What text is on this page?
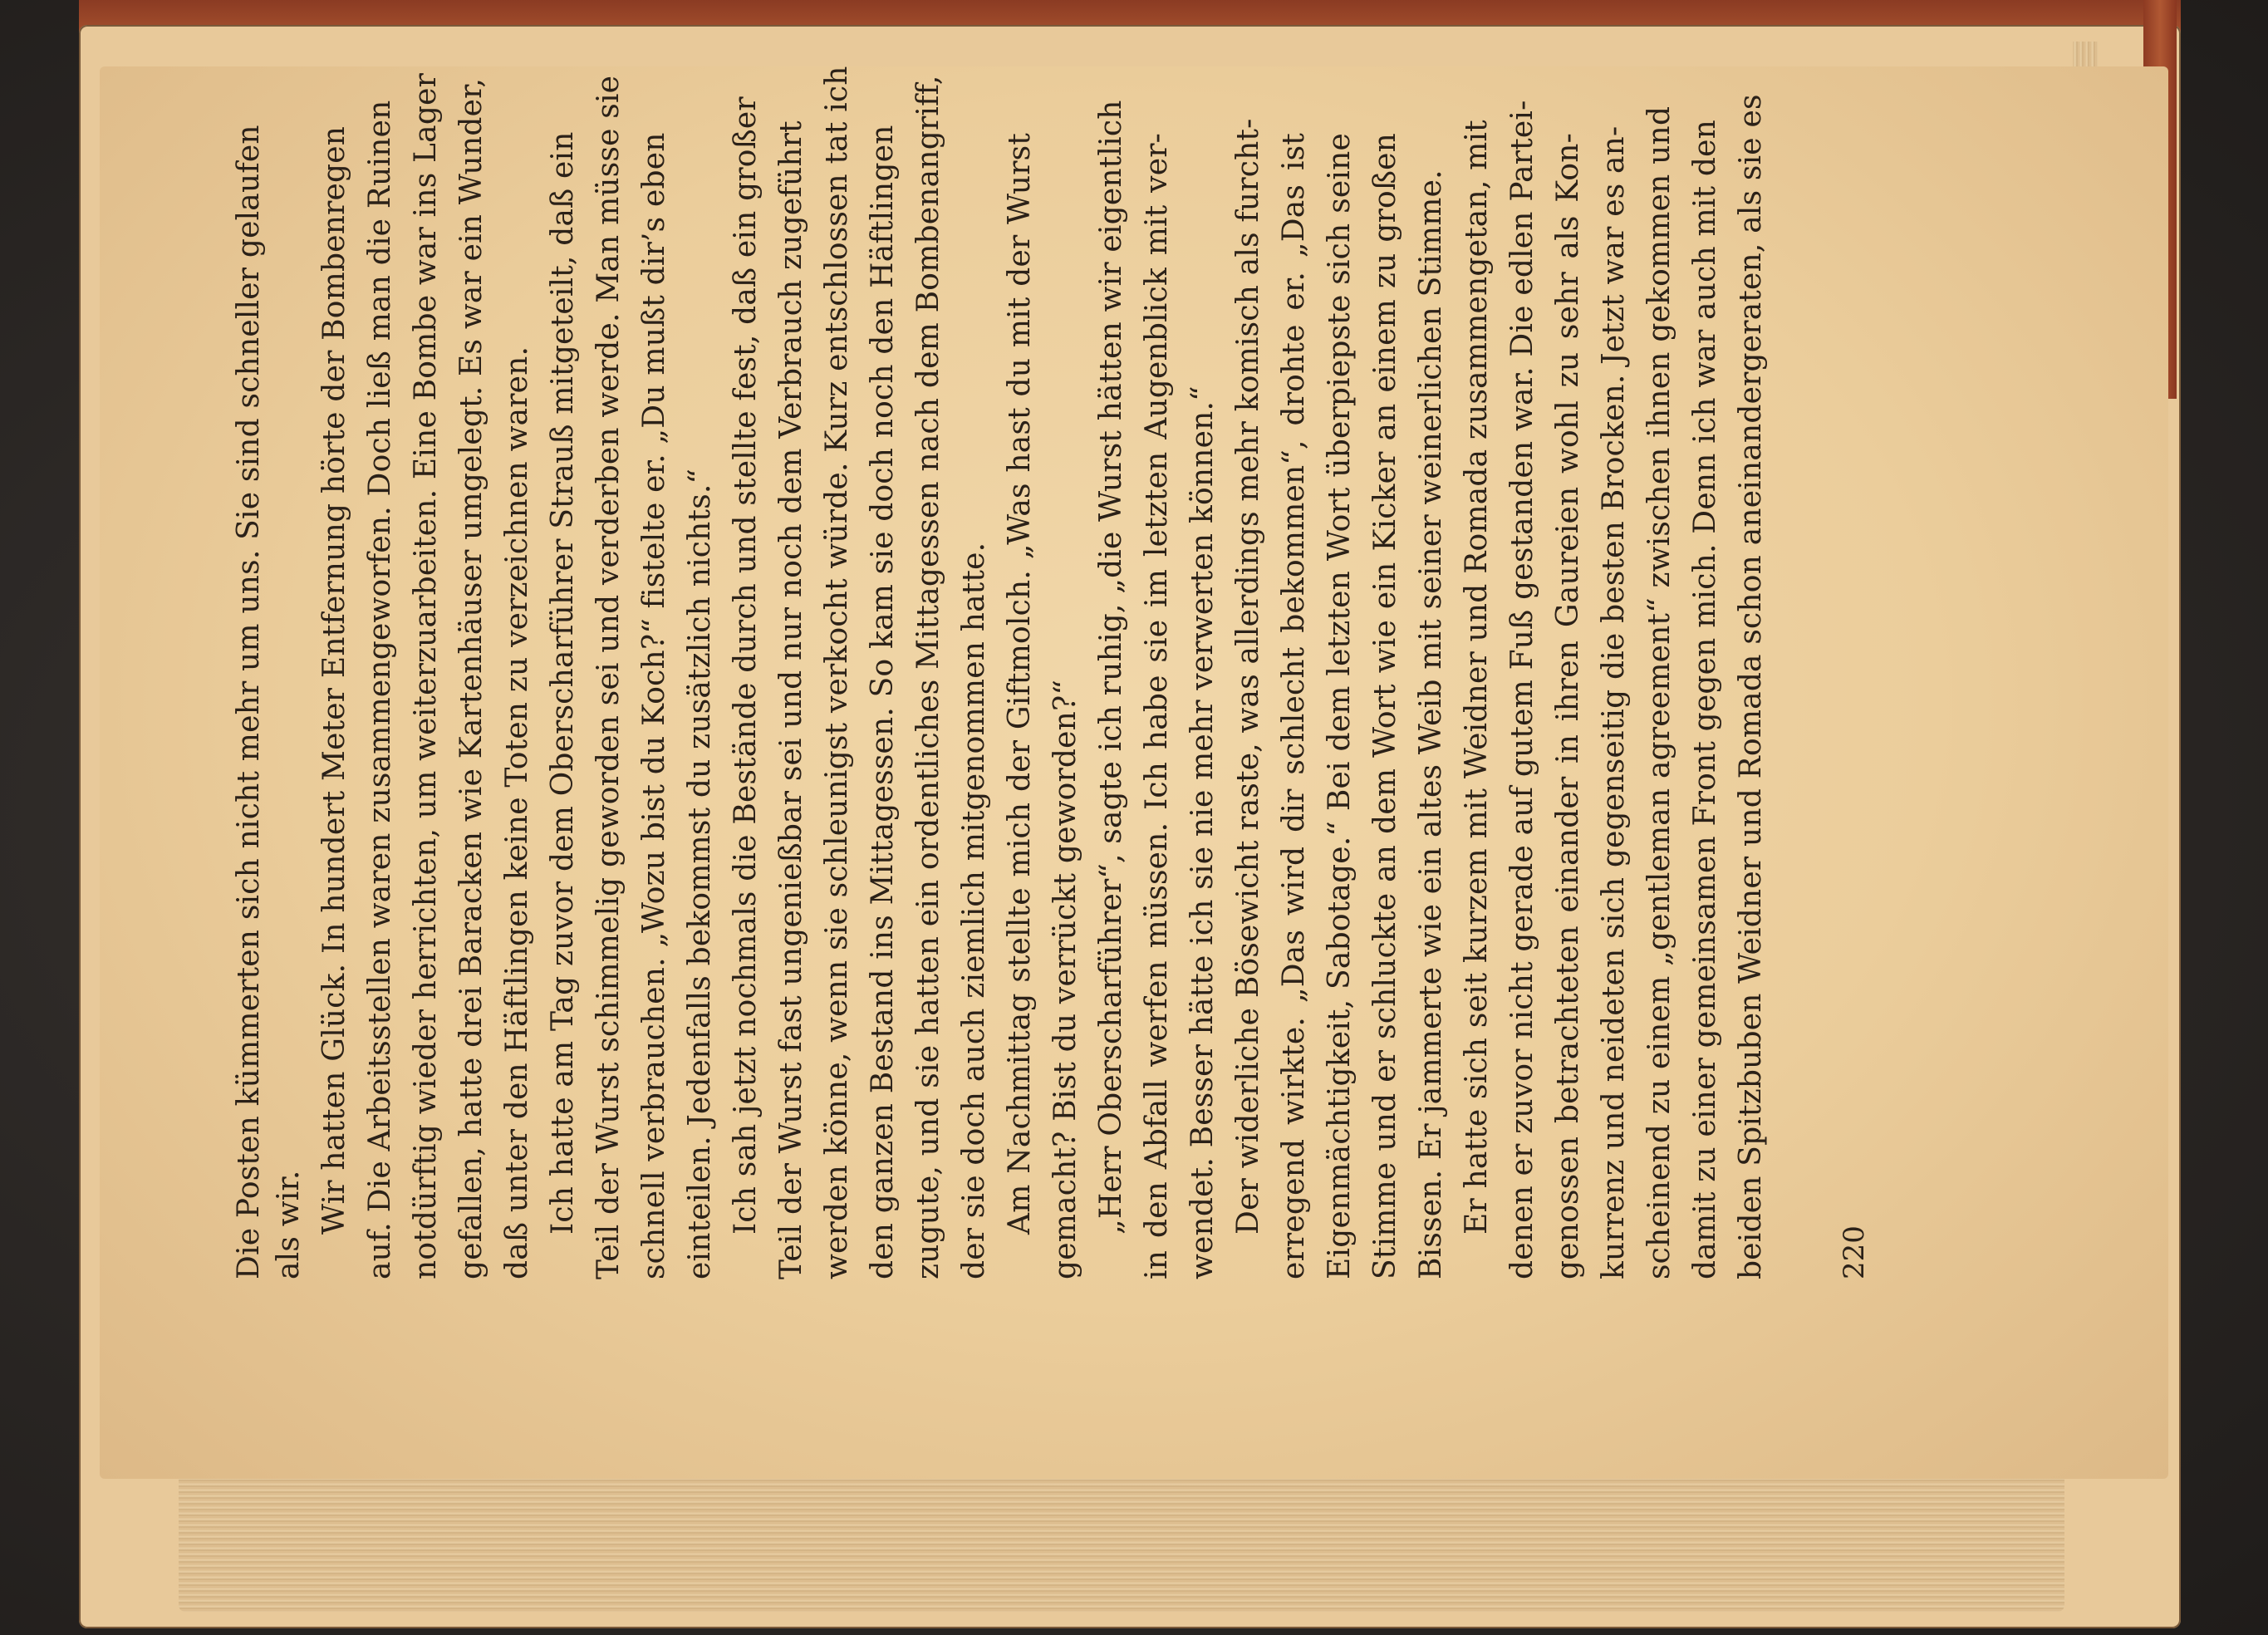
Die Posten kümmerten sich nicht mehr um uns. Sie sind schneller gelaufen als wir. Wir hatten Glück. In hundert Meter Entfernung hörte der Bombenregen auf. Die Arbeitsstellen waren zusammengeworfen. Doch ließ man die Ruinen notdürftig wieder herrichten, um weiterzuarbeiten. Eine Bombe war ins Lager gefallen, hatte drei Baracken wie Kartenhäuser umgelegt. Es war ein Wunder, daß unter den Häftlingen keine Toten zu verzeichnen waren. Ich hatte am Tag zuvor dem Oberscharführer Strauß mitgeteilt, daß ein Teil der Wurst schimmelig geworden sei und verderben werde. Man müsse sie schnell verbrauchen. „Wozu bist du Koch?“ fistelte er. „Du mußt dir’s eben einteilen. Jedenfalls bekommst du zusätzlich nichts.“ Ich sah jetzt nochmals die Bestände durch und stellte fest, daß ein großer Teil der Wurst fast ungenießbar sei und nur noch dem Verbrauch zugeführt werden könne, wenn sie schleunigst verkocht würde. Kurz entschlossen tat ich den ganzen Bestand ins Mittagessen. So kam sie doch noch den Häftlingen zugute, und sie hatten ein ordentliches Mittagessen nach dem Bombenangriff, der sie doch auch ziemlich mitgenommen hatte. Am Nachmittag stellte mich der Giftmolch. „Was hast du mit der Wurst gemacht? Bist du verrückt geworden?“ „Herr Oberscharführer“, sagte ich ruhig, „die Wurst hätten wir eigentlich in den Abfall werfen müssen. Ich habe sie im letzten Augenblick mit ver- wendet. Besser hätte ich sie nie mehr verwerten können.“ Der widerliche Bösewicht raste, was allerdings mehr komisch als furcht- erregend wirkte. „Das wird dir schlecht bekommen“, drohte er. „Das ist Eigenmächtigkeit, Sabotage.“ Bei dem letzten Wort überpiepste sich seine Stimme und er schluckte an dem Wort wie ein Kicker an einem zu großen Bissen. Er jammerte wie ein altes Weib mit seiner weinerlichen Stimme. Er hatte sich seit kurzem mit Weidner und Romada zusammengetan, mit denen er zuvor nicht gerade auf gutem Fuß gestanden war. Die edlen Partei- genossen betrachteten einander in ihren Gaureien wohl zu sehr als Kon- kurrenz und neideten sich gegenseitig die besten Brocken. Jetzt war es an- scheinend zu einem „gentleman agreement“ zwischen ihnen gekommen und damit zu einer gemeinsamen Front gegen mich. Denn ich war auch mit den beiden Spitzbuben Weidner und Romada schon aneinandergeraten, als sie es 220
